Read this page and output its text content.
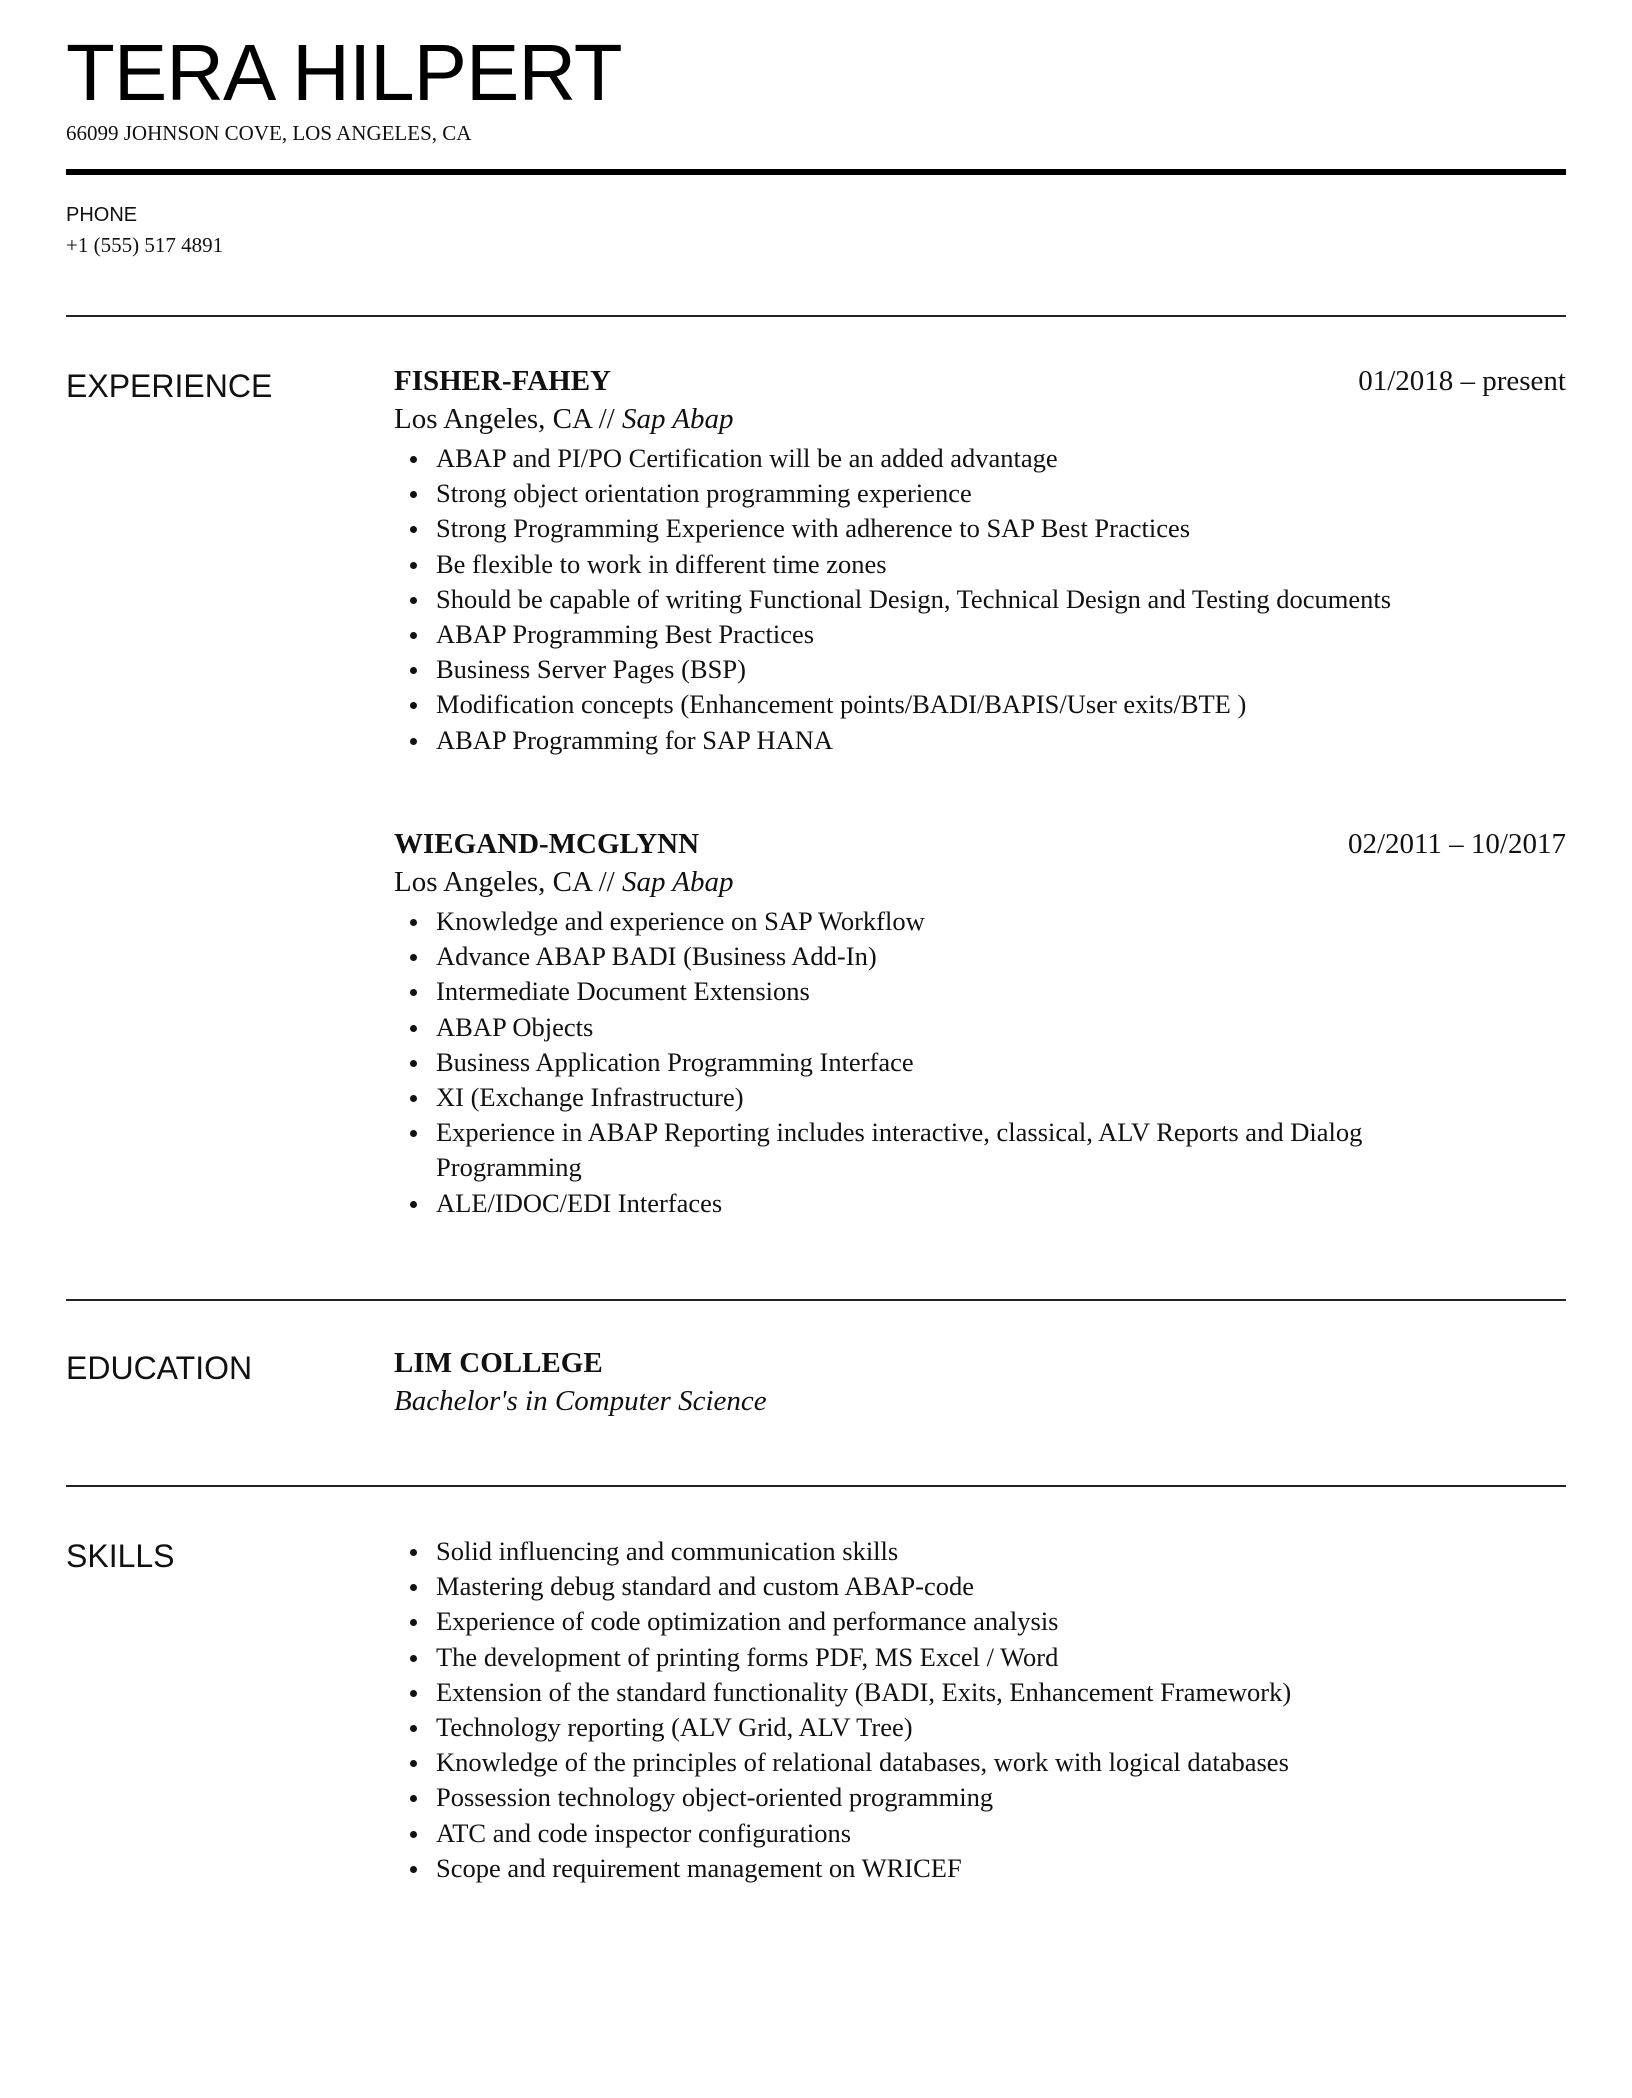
TERA HILPERT
66099 JOHNSON COVE, LOS ANGELES, CA
PHONE
+1 (555) 517 4891
EXPERIENCE	FISHER-FAHEY	01/2018 – present
Los Angeles, CA // Sap Abap
ABAP and PI/PO Certification will be an added advantage
Strong object orientation programming experience
Strong Programming Experience with adherence to SAP Best Practices
Be flexible to work in different time zones
Should be capable of writing Functional Design, Technical Design and Testing documents
ABAP Programming Best Practices
Business Server Pages (BSP)
Modification concepts (Enhancement points/BADI/BAPIS/User exits/BTE )
ABAP Programming for SAP HANA
WIEGAND-MCGLYNN	02/2011 – 10/2017
Los Angeles, CA // Sap Abap
Knowledge and experience on SAP Workflow
Advance ABAP BADI (Business Add-In)
Intermediate Document Extensions
ABAP Objects
Business Application Programming Interface
XI (Exchange Infrastructure)
Experience in ABAP Reporting includes interactive, classical, ALV Reports and Dialog Programming
ALE/IDOC/EDI Interfaces
EDUCATION	LIM COLLEGE
Bachelor's in Computer Science
SKILLS	Solid influencing and communication skills
Mastering debug standard and custom ABAP-code
Experience of code optimization and performance analysis
The development of printing forms PDF, MS Excel / Word
Extension of the standard functionality (BADI, Exits, Enhancement Framework)
Technology reporting (ALV Grid, ALV Tree)
Knowledge of the principles of relational databases, work with logical databases
Possession technology object-oriented programming
ATC and code inspector configurations
Scope and requirement management on WRICEF
